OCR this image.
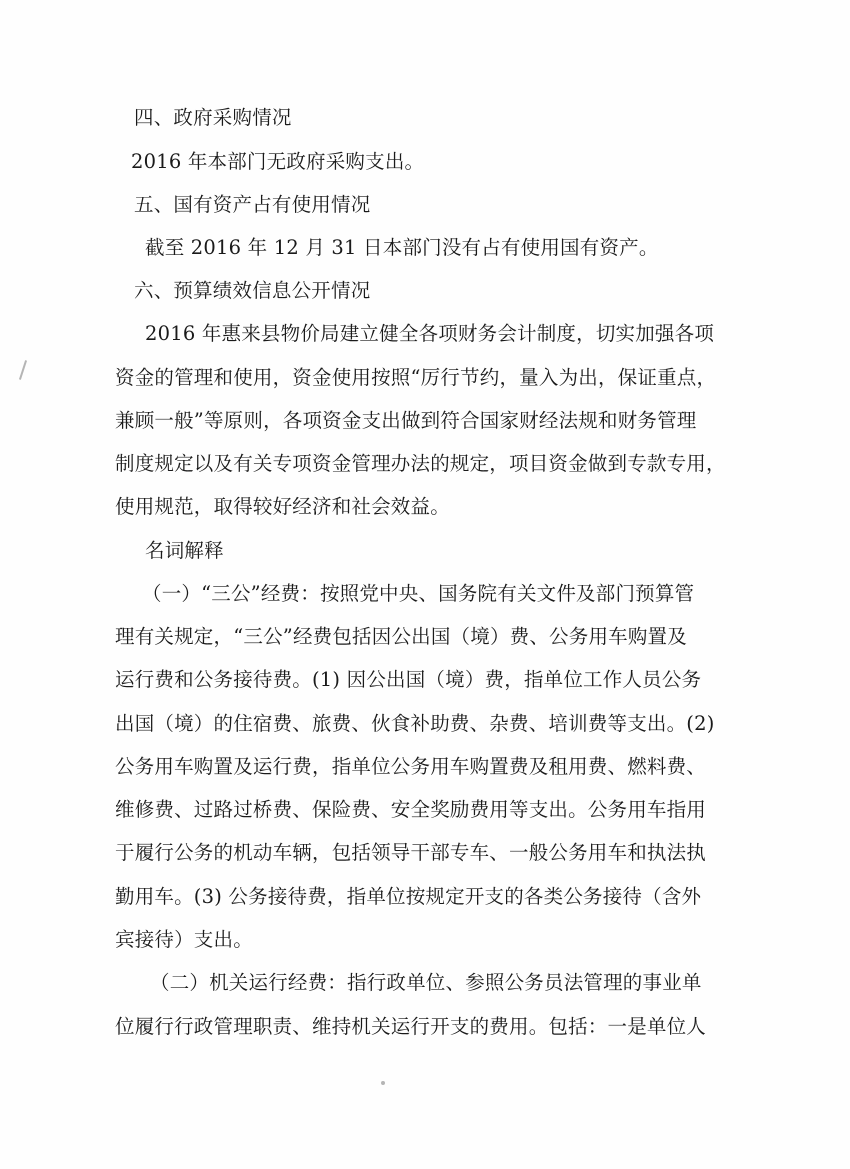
四、政府采购情况
2016 年本部门无政府采购支出。
五、国有资产占有使用情况
截至 2016 年 12 月 31 日本部门没有占有使用国有资产。
六、预算绩效信息公开情况
2016 年惠来县物价局建立健全各项财务会计制度，切实加强各项
资金的管理和使用，资金使用按照“厉行节约，量入为出，保证重点，
兼顾一般”等原则，各项资金支出做到符合国家财经法规和财务管理
制度规定以及有关专项资金管理办法的规定，项目资金做到专款专用，
使用规范，取得较好经济和社会效益。
名词解释
（一）“三公”经费：按照党中央、国务院有关文件及部门预算管
理有关规定，“三公”经费包括因公出国（境）费、公务用车购置及
运行费和公务接待费。(1) 因公出国（境）费，指单位工作人员公务
出国（境）的住宿费、旅费、伙食补助费、杂费、培训费等支出。(2)
公务用车购置及运行费，指单位公务用车购置费及租用费、燃料费、
维修费、过路过桥费、保险费、安全奖励费用等支出。公务用车指用
于履行公务的机动车辆，包括领导干部专车、一般公务用车和执法执
勤用车。(3) 公务接待费，指单位按规定开支的各类公务接待（含外
宾接待）支出。
（二）机关运行经费：指行政单位、参照公务员法管理的事业单
位履行行政管理职责、维持机关运行开支的费用。包括：一是单位人
